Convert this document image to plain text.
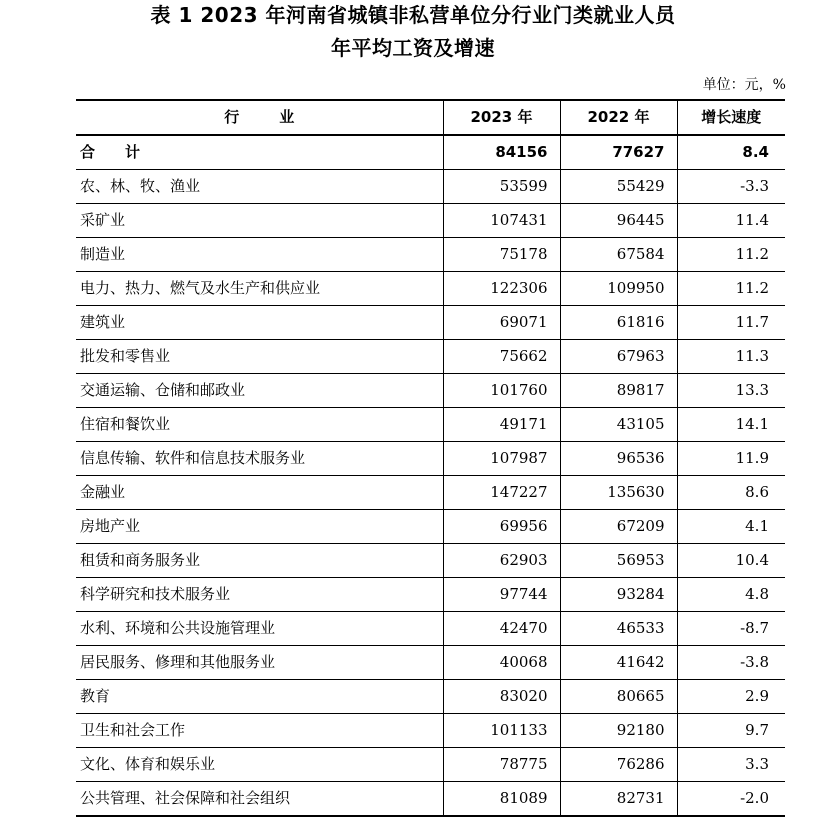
表 1 2023 年河南省城镇非私营单位分行业门类就业人员
年平均工资及增速
单位：元，%
行业	2023 年	2022 年	增长速度
合计	84156	77627	8.4
农、林、牧、渔业	53599	55429	-3.3
采矿业	107431	96445	11.4
制造业	75178	67584	11.2
电力、热力、燃气及水生产和供应业	122306	109950	11.2
建筑业	69071	61816	11.7
批发和零售业	75662	67963	11.3
交通运输、仓储和邮政业	101760	89817	13.3
住宿和餐饮业	49171	43105	14.1
信息传输、软件和信息技术服务业	107987	96536	11.9
金融业	147227	135630	8.6
房地产业	69956	67209	4.1
租赁和商务服务业	62903	56953	10.4
科学研究和技术服务业	97744	93284	4.8
水利、环境和公共设施管理业	42470	46533	-8.7
居民服务、修理和其他服务业	40068	41642	-3.8
教育	83020	80665	2.9
卫生和社会工作	101133	92180	9.7
文化、体育和娱乐业	78775	76286	3.3
公共管理、社会保障和社会组织	81089	82731	-2.0
